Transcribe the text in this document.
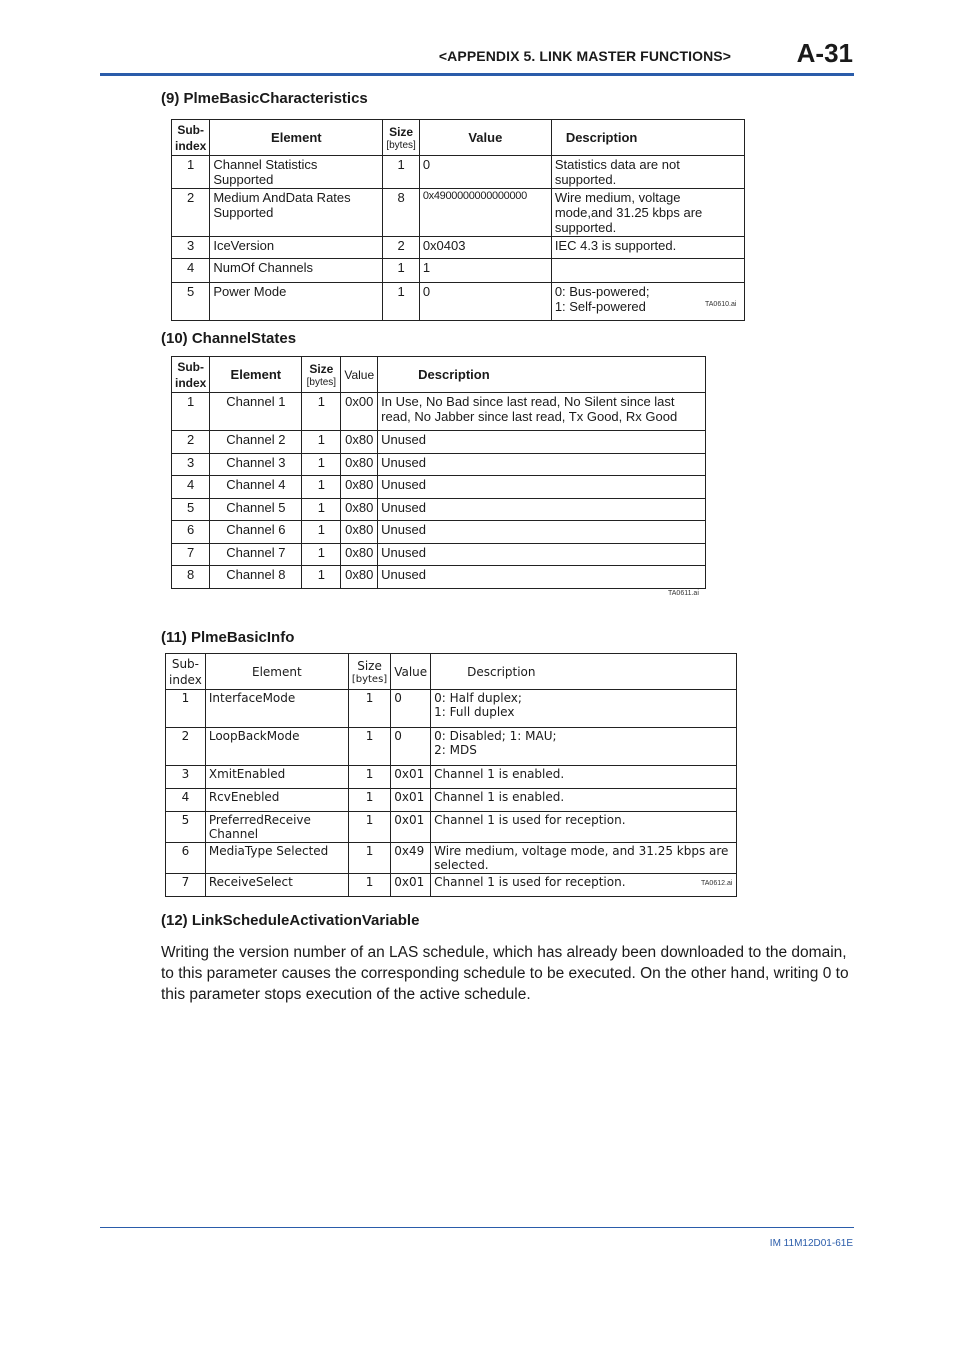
<APPENDIX 5. LINK MASTER FUNCTIONS>	A-31
(9) PlmeBasicCharacteristics
Sub-
index	Element	Size
[bytes]	Value	Description
1	Channel Statistics Supported	1	0	Statistics data are not supported.
2	Medium AndData Rates Supported	8	0x4900000000000000	Wire medium, voltage mode,and 31.25 kbps are supported.
3	IceVersion	2	0x0403	IEC 4.3 is supported.
4	NumOf Channels	1	1	
5	Power Mode	1	0	0: Bus-powered;
1: Self-powered	TA0610.ai
(10) ChannelStates
Sub-
index	Element	Size
[bytes]	Value	Description
1	Channel 1	1	0x00	In Use, No Bad since last read, No Silent since last read, No Jabber since last read, Tx Good, Rx Good
2	Channel 2	1	0x80	Unused
3	Channel 3	1	0x80	Unused
4	Channel 4	1	0x80	Unused
5	Channel 5	1	0x80	Unused
6	Channel 6	1	0x80	Unused
7	Channel 7	1	0x80	Unused
8	Channel 8	1	0x80	Unused
TA0611.ai
(11) PlmeBasicInfo
Sub-
index	Element	Size
[bytes]	Value	Description
1	InterfaceMode	1	0	0: Half duplex;
1: Full duplex
2	LoopBackMode	1	0	0: Disabled; 1: MAU;
2: MDS
3	XmitEnabled	1	0x01	Channel 1 is enabled.
4	RcvEnebled	1	0x01	Channel 1 is enabled.
5	PreferredReceive Channel	1	0x01	Channel 1 is used for reception.
6	MediaType Selected	1	0x49	Wire medium, voltage mode, and 31.25 kbps are selected.
7	ReceiveSelect	1	0x01	Channel 1 is used for reception.	TA0612.ai
(12) LinkScheduleActivationVariable
Writing the version number of an LAS schedule, which has already been downloaded to the domain, to this parameter causes the corresponding schedule to be executed. On the other hand, writing 0 to this parameter stops execution of the active schedule.
IM 11M12D01-61E
